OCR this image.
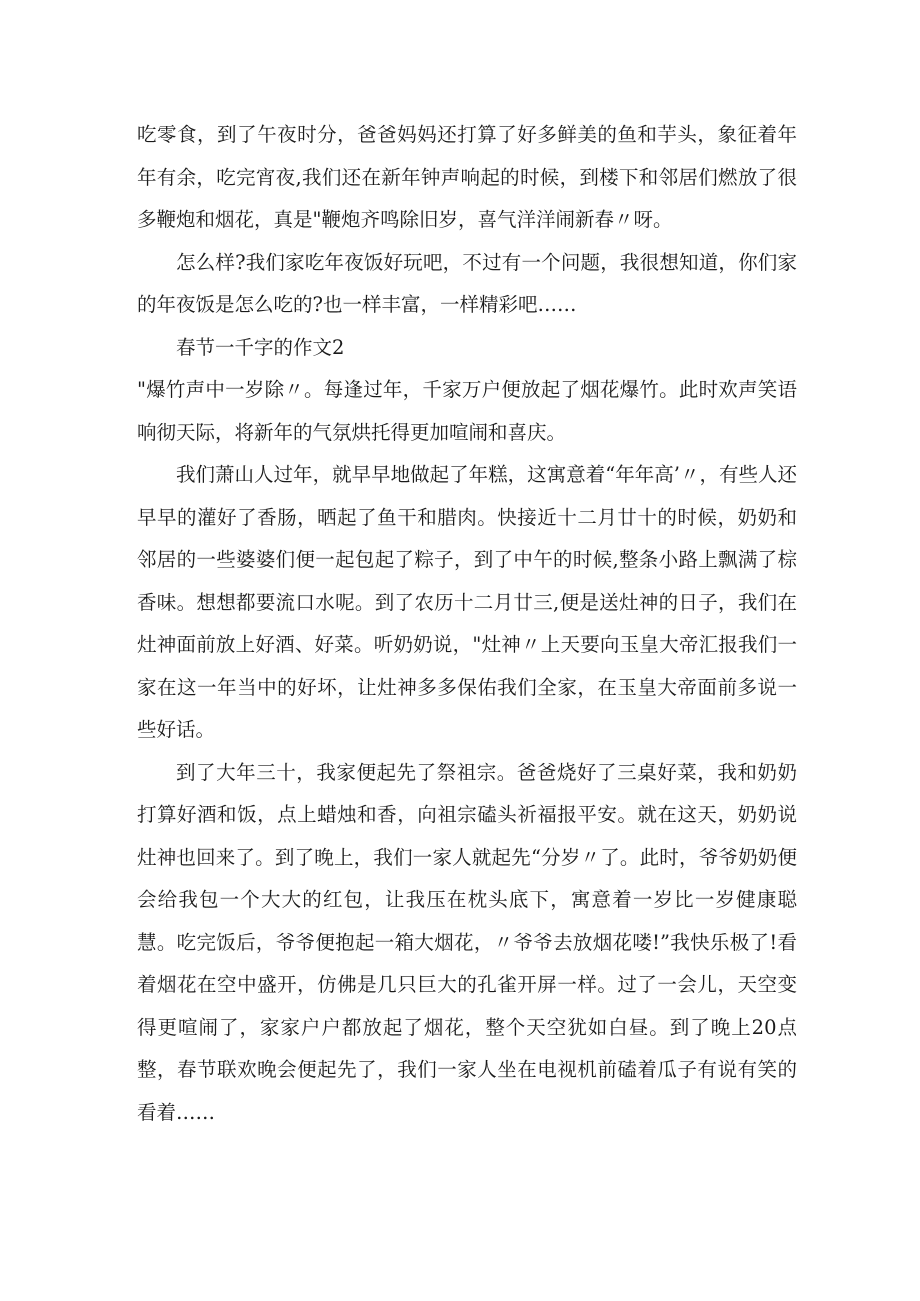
吃零食，到了午夜时分，爸爸妈妈还打算了好多鲜美的鱼和芋头，象征着年年有余，吃完宵夜,我们还在新年钟声响起的时候，到楼下和邻居们燃放了很多鞭炮和烟花，真是"鞭炮齐鸣除旧岁，喜气洋洋闹新春〃呀。

怎么样?我们家吃年夜饭好玩吧，不过有一个问题，我很想知道，你们家的年夜饭是怎么吃的?也一样丰富，一样精彩吧……

春节一千字的作文2

"爆竹声中一岁除〃。每逢过年，千家万户便放起了烟花爆竹。此时欢声笑语响彻天际，将新年的气氛烘托得更加喧闹和喜庆。

我们萧山人过年，就早早地做起了年糕，这寓意着“年年高’〃，有些人还早早的灌好了香肠，晒起了鱼干和腊肉。快接近十二月廿十的时候，奶奶和邻居的一些婆婆们便一起包起了粽子，到了中午的时候,整条小路上飘满了棕香味。想想都要流口水呢。到了农历十二月廿三,便是送灶神的日子，我们在灶神面前放上好酒、好菜。听奶奶说，"灶神〃上天要向玉皇大帝汇报我们一家在这一年当中的好坏，让灶神多多保佑我们全家，在玉皇大帝面前多说一些好话。

到了大年三十，我家便起先了祭祖宗。爸爸烧好了三桌好菜，我和奶奶打算好酒和饭，点上蜡烛和香，向祖宗磕头祈福报平安。就在这天，奶奶说灶神也回来了。到了晚上，我们一家人就起先“分岁〃了。此时，爷爷奶奶便会给我包一个大大的红包，让我压在枕头底下，寓意着一岁比一岁健康聪慧。吃完饭后，爷爷便抱起一箱大烟花，〃爷爷去放烟花喽!”我快乐极了!看着烟花在空中盛开，仿佛是几只巨大的孔雀开屏一样。过了一会儿，天空变得更喧闹了，家家户户都放起了烟花，整个天空犹如白昼。到了晚上20点整，春节联欢晚会便起先了，我们一家人坐在电视机前磕着瓜子有说有笑的看着……
